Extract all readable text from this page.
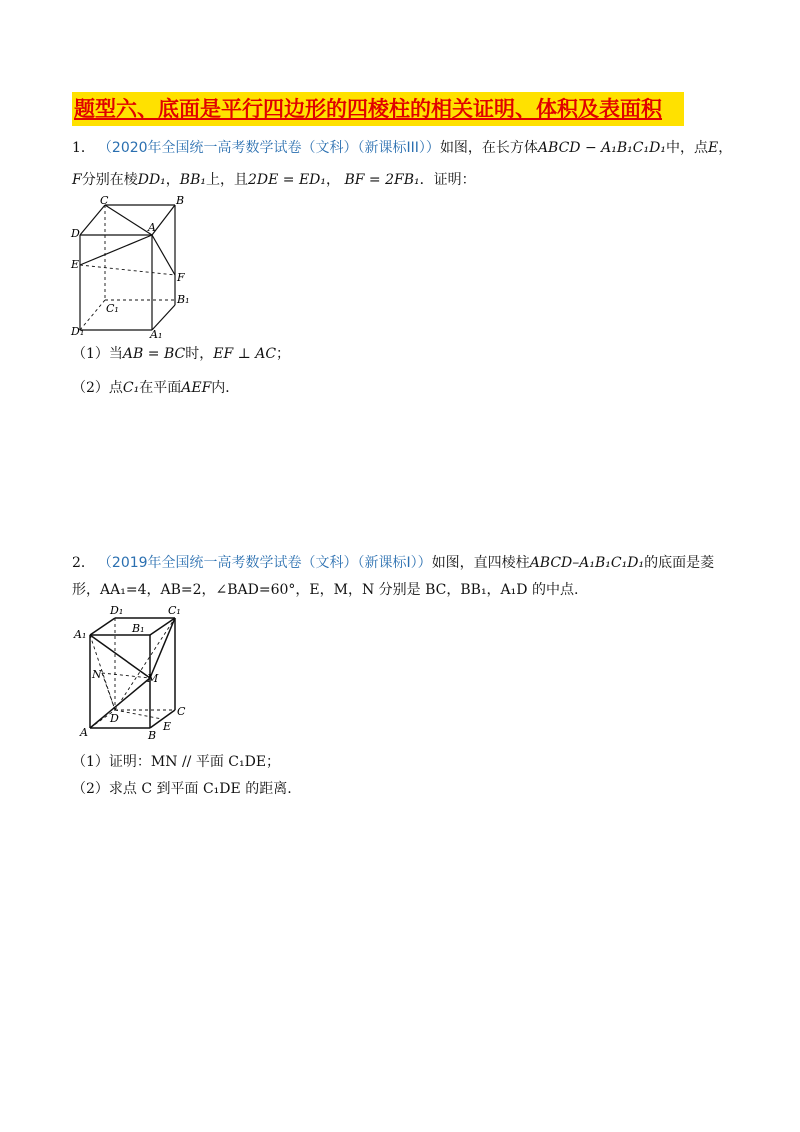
题型六、底面是平行四边形的四棱柱的相关证明、体积及表面积
1． （2020年全国统一高考数学试卷（文科）（新课标III））如图，在长方体ABCD − A₁B₁C₁D₁中，点E，
F分别在棱DD₁，BB₁上，且2DE = ED₁， BF = 2FB₁．证明：
C	B
D	A
E
F
B₁
C₁
D₁	A₁
（1）当AB = BC时，EF ⊥ AC；
（2）点C₁在平面AEF内．
2． （2019年全国统一高考数学试卷（文科）（新课标Ⅰ））如图，直四棱柱ABCD–A₁B₁C₁D₁的底面是菱
形，AA₁=4，AB=2，∠BAD=60°，E，M，N 分别是 BC，BB₁，A₁D 的中点.
D₁	C₁
A₁	B₁
N	M
D
C
A	B
E
（1）证明：MN // 平面 C₁DE；
（2）求点 C 到平面 C₁DE 的距离.
